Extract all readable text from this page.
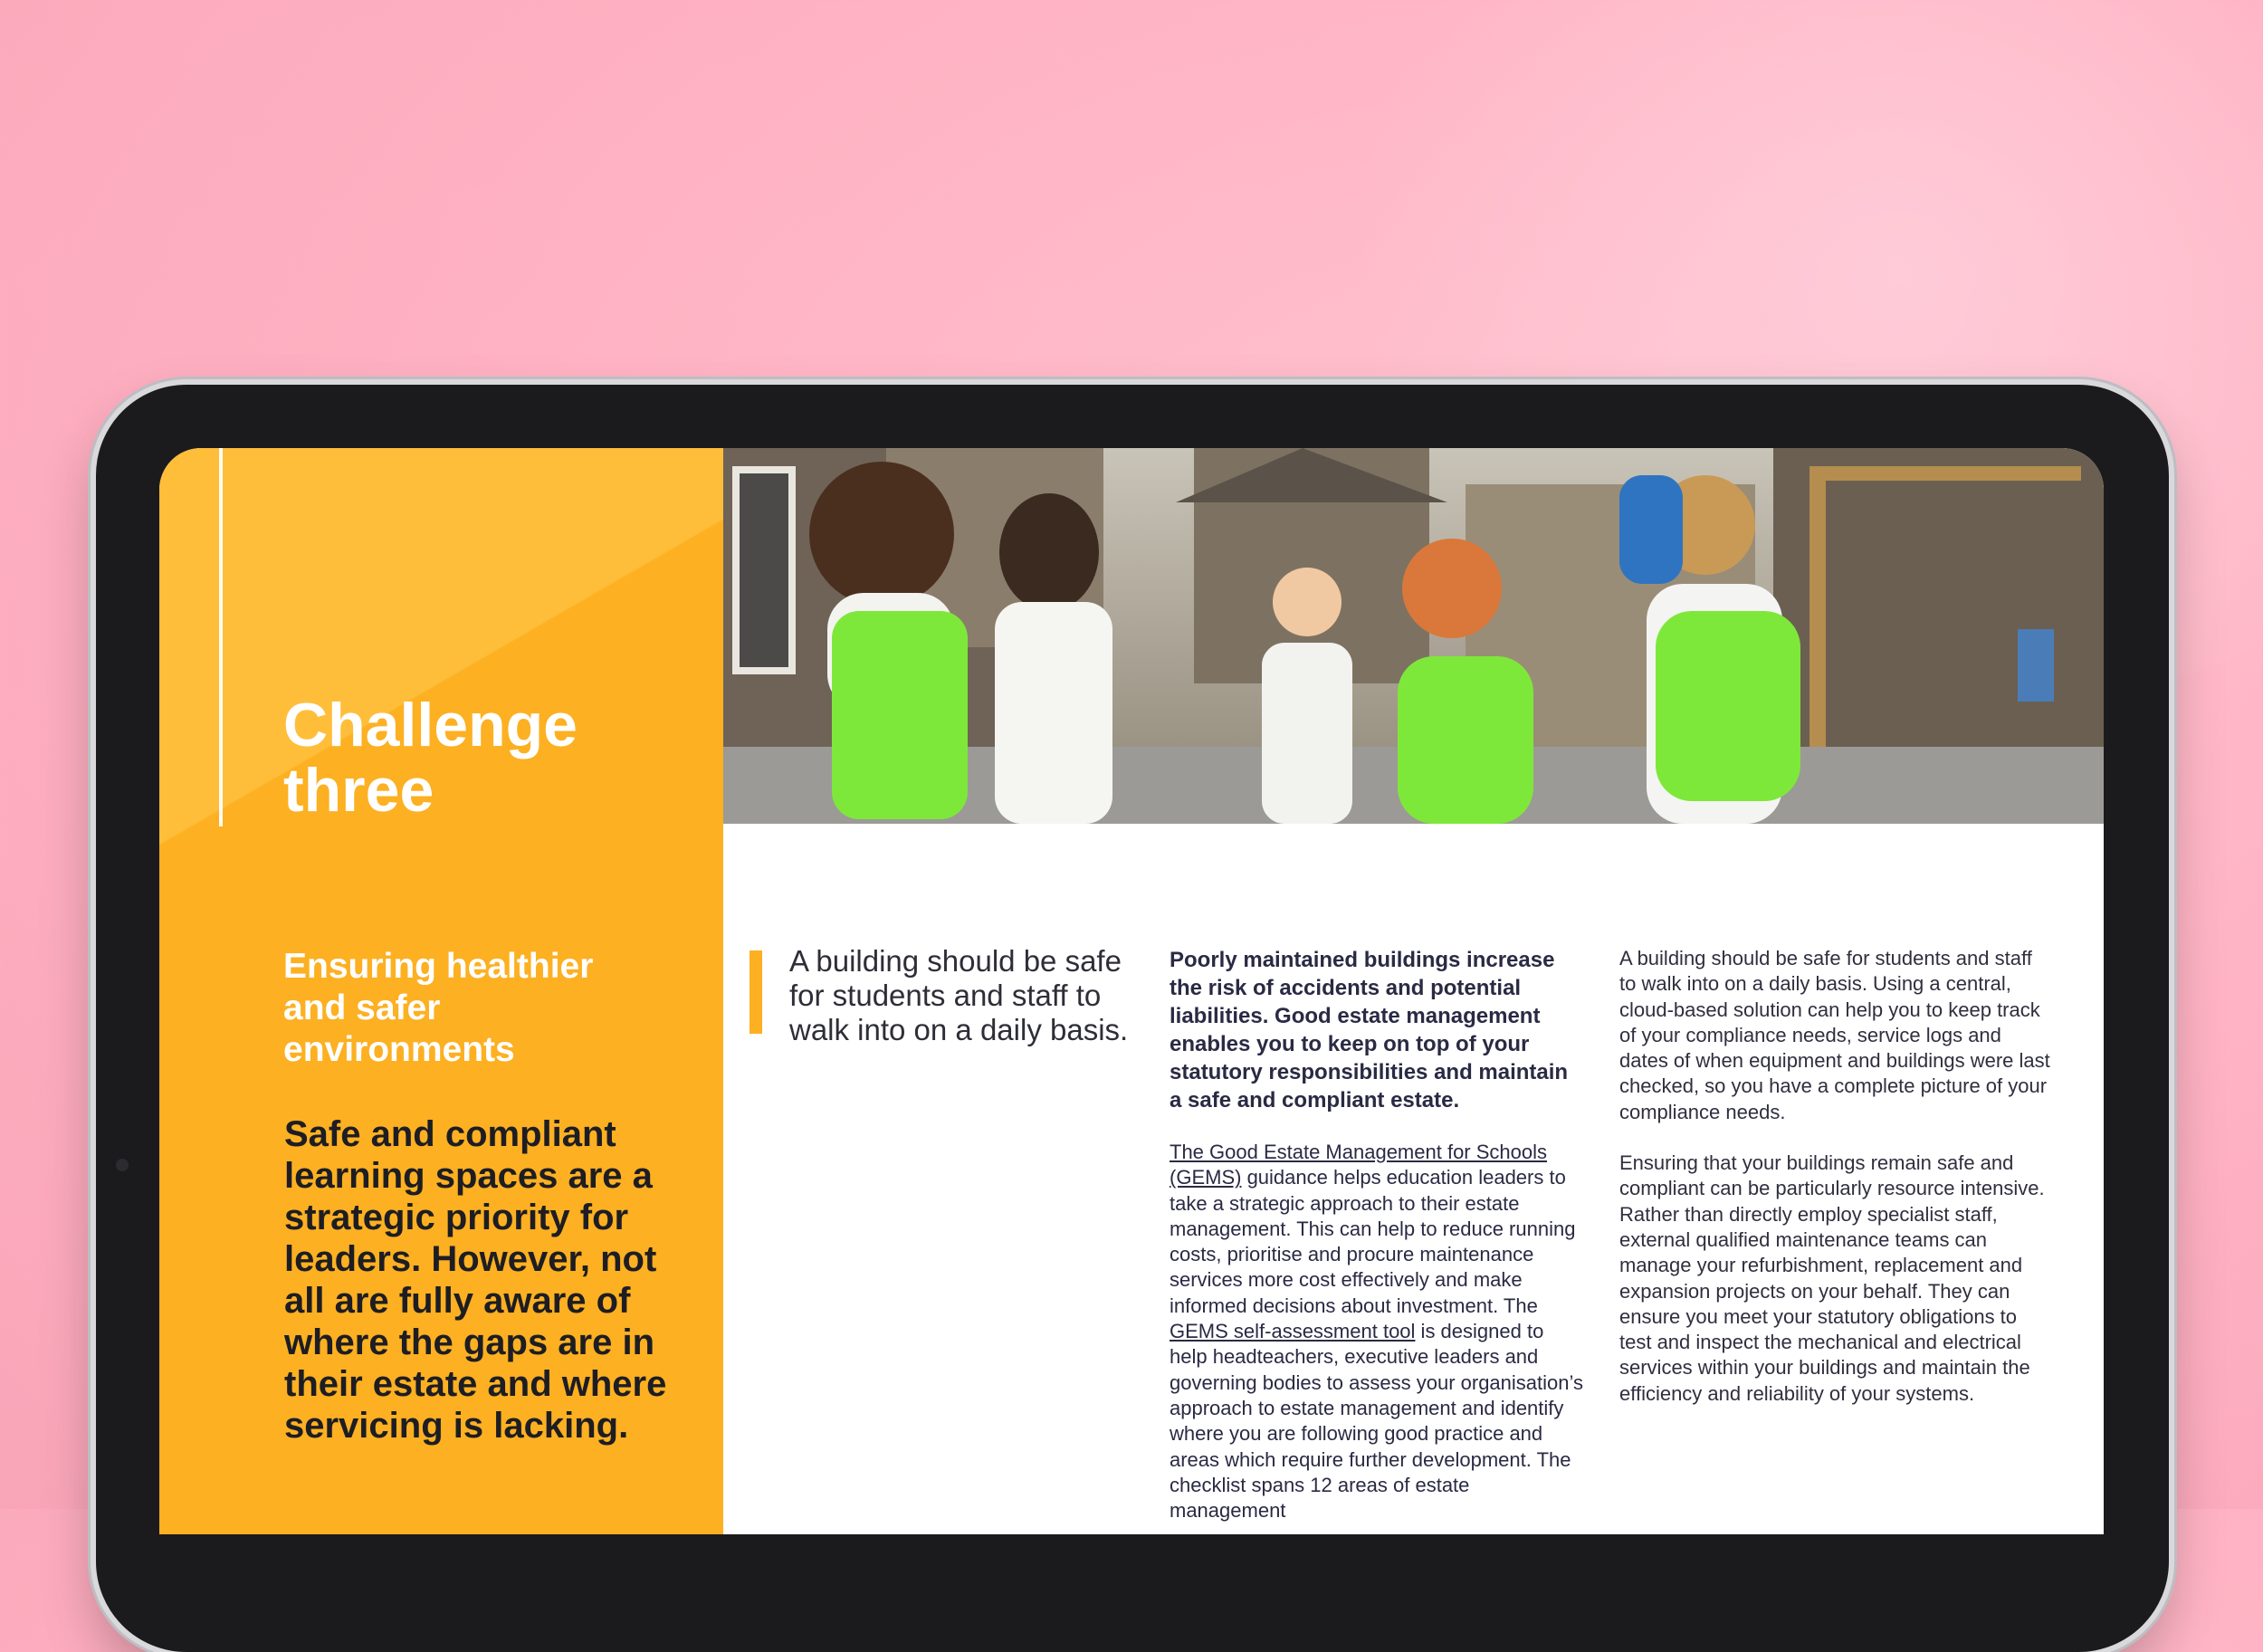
Challenge
three
Ensuring healthier and safer environments
Safe and compliant learning spaces are a strategic priority for leaders. However, not all are fully aware of where the gaps are in their estate and where servicing is lacking.
A building should be safe for students and staff to walk into on a daily basis.

Poorly maintained buildings increase the risk of accidents and potential liabilities. Good estate management enables you to keep on top of your statutory responsibilities and maintain a safe and compliant estate.

The Good Estate Management for Schools (GEMS) guidance helps education leaders to take a strategic approach to their estate management. This can help to reduce running costs, prioritise and procure maintenance services more cost effectively and make informed decisions about investment. The GEMS self-assessment tool is designed to help headteachers, executive leaders and governing bodies to assess your organisation’s approach to estate management and identify where you are following good practice and areas which require further development. The checklist spans 12 areas of estate management

A building should be safe for students and staff to walk into on a daily basis. Using a central, cloud-based solution can help you to keep track of your compliance needs, service logs and dates of when equipment and buildings were last checked, so you have a complete picture of your compliance needs.

Ensuring that your buildings remain safe and compliant can be particularly resource intensive. Rather than directly employ specialist staff, external qualified maintenance teams can manage your refurbishment, replacement and expansion projects on your behalf. They can ensure you meet your statutory obligations to test and inspect the mechanical and electrical services within your buildings and maintain the efficiency and reliability of your systems.
